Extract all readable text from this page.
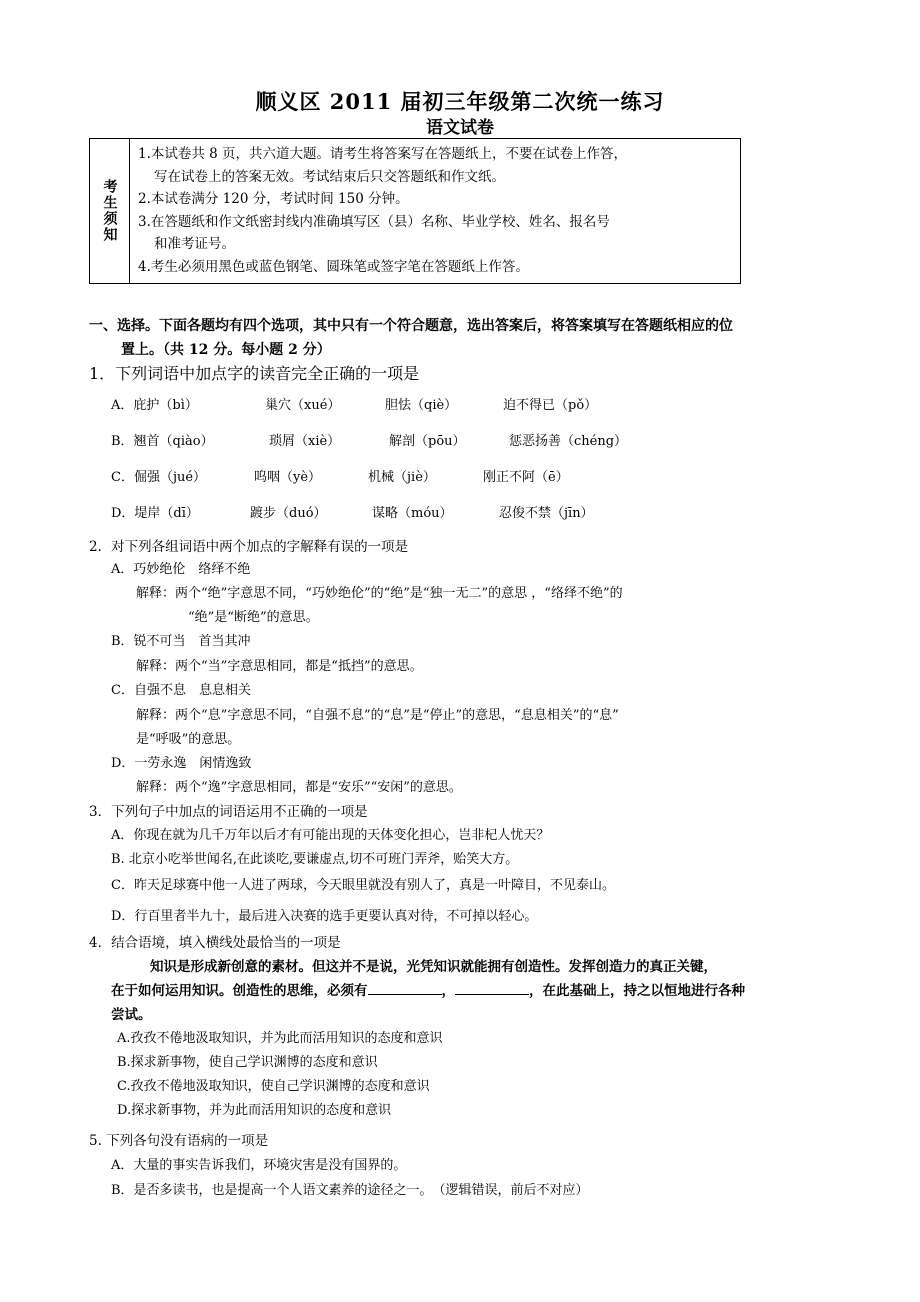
顺义区 2011 届初三年级第二次统一练习
语文试卷
考生须知
1.本试卷共 8 页，共六道大题。请考生将答案写在答题纸上，不要在试卷上作答，
写在试卷上的答案无效。考试结束后只交答题纸和作文纸。
2.本试卷满分 120 分，考试时间 150 分钟。
3.在答题纸和作文纸密封线内准确填写区（县）名称、毕业学校、姓名、报名号
和准考证号。
4.考生必须用黑色或蓝色钢笔、圆珠笔或签字笔在答题纸上作答。
一、选择。下面各题均有四个选项，其中只有一个符合题意，选出答案后，将答案填写在答题纸相应的位
置上。（共 12 分。每小题 2 分）
1．下列词语中加点字的读音完全正确的一项是
A．庇护（bì）	巢穴（xué）	胆怯（qiè）	迫不得已（pǒ）
B．翘首（qiào）	琐屑（xiè）	解剖（pōu）	惩恶扬善（chéng）
C．倔强（jué）	呜咽（yè）	机械（jiè）	刚正不阿（ē）
D．堤岸（dī）	踱步（duó）	谋略（móu）	忍俊不禁（jīn）
2．对下列各组词语中两个加点的字解释有误的一项是
A．巧妙绝伦　络绎不绝
解释：两个“绝”字意思不同，“巧妙绝伦”的“绝”是“独一无二”的意思 ，“络绎不绝”的
“绝”是“断绝”的意思。
B．锐不可当　首当其冲
解释：两个“当”字意思相同，都是“抵挡”的意思。
C．自强不息　息息相关
解释：两个“息”字意思不同，“自强不息”的“息”是“停止”的意思，“息息相关”的“息”
是“呼吸”的意思。
D．一劳永逸　闲情逸致
解释：两个“逸”字意思相同，都是“安乐”“安闲”的意思。
3．下列句子中加点的词语运用不正确的一项是
A．你现在就为几千万年以后才有可能出现的天体变化担心，岂非杞人忧天？
B. 北京小吃举世闻名,在此谈吃,要谦虚点,切不可班门弄斧，贻笑大方。
C．昨天足球赛中他一人进了两球，今天眼里就没有别人了，真是一叶障目，不见泰山。
D．行百里者半九十，最后进入决赛的选手更要认真对待，不可掉以轻心。
4．结合语境，填入横线处最恰当的一项是
知识是形成新创意的素材。但这并不是说，光凭知识就能拥有创造性。发挥创造力的真正关键，
在于如何运用知识。创造性的思维，必须有	，	，在此基础上，持之以恒地进行各种
尝试。
A.孜孜不倦地汲取知识，并为此而活用知识的态度和意识
B.探求新事物，使自己学识渊博的态度和意识
C.孜孜不倦地汲取知识，使自己学识渊博的态度和意识
D.探求新事物，并为此而活用知识的态度和意识
5. 下列各句没有语病的一项是
A．大量的事实告诉我们，环境灾害是没有国界的。
B．是否多读书，也是提高一个人语文素养的途径之一。　（逻辑错误，前后不对应）
